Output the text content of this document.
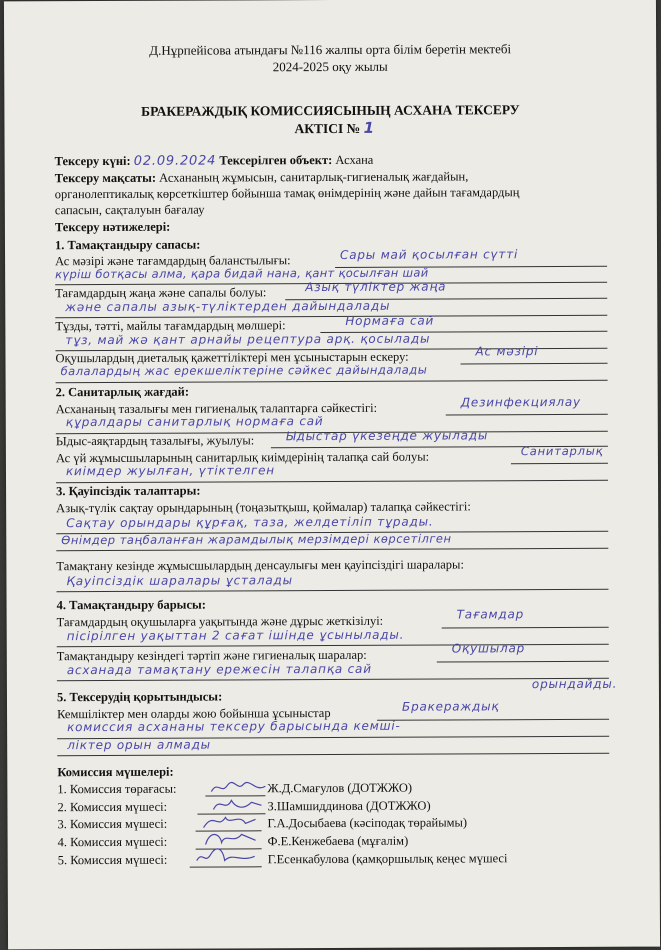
Д.Нұрпейісова атындағы №116 жалпы орта білім беретін мектебі
2024-2025 оқу жылы
БРАКЕРАЖДЫҚ КОМИССИЯСЫНЫҢ АСХАНА ТЕКСЕРУ
АКТІСІ № 1
Тексеру күні: 02.09.2024 Тексерілген объект: Асхана
Тексеру мақсаты: Асхананың жұмысын, санитарлық-гигиеналық жағдайын,
органолептикалық көрсеткіштер бойынша тамақ өнімдерінің және дайын тағамдардың
сапасын, сақталуын бағалау
Тексеру нәтижелері:
1. Тамақтандыру сапасы:
Ас мәзірі және тағамдардың баланстылығы:	Сары май қосылған сүтті
күріш ботқасы алма, қара бидай нана, қант қосылған шай
Тағамдардың жаңа және сапалы болуы:	Азық түліктер жаңа
және сапалы азық-түліктерден дайындалады
Тұзды, тәтті, майлы тағамдардың мөлшері:	Нормаға сай
тұз, май жә қант арнайы рецептура арқ. қосылады
Оқушылардың диеталық қажеттіліктері мен ұсыныстарын ескеру:	Ас мәзірі
балалардың жас ерекшеліктеріне сәйкес дайындалады
2. Санитарлық жағдай:
Асхананың тазалығы мен гигиеналық талаптарға сәйкестігі:	Дезинфекциялау
құралдары санитарлық нормаға сай
Ыдыс-аяқтардың тазалығы, жуылуы:	Ыдыстар үкезеңде жуылады
Ас үй жұмысшыларының санитарлық киімдерінің талапқа сай болуы:	Санитарлық
киімдер жуылған, үтіктелген
3. Қауіпсіздік талаптары:
Азық-түлік сақтау орындарының (тоңазытқыш, қоймалар) талапқа сәйкестігі:
Сақтау орындары құрғақ, таза, желдетіліп тұрады.
Өнімдер таңбаланған жарамдылық мерзімдері көрсетілген
Тамақтану кезінде жұмысшылардың денсаулығы мен қауіпсіздігі шаралары:
Қауіпсіздік шаралары ұсталады
4. Тамақтандыру барысы:
Тағамдардың оқушыларға уақытында және дұрыс жеткізілуі:	Тағамдар
пісірілген уақыттан 2 сағат ішінде ұсынылады.
Тамақтандыру кезіндегі тәртіп және гигиеналық шаралар:	Оқушылар
асханада тамақтану ережесін талапқа сай
орындайды.
5. Тексерудің қорытындысы:
Кемшіліктер мен оларды жою бойынша ұсыныстар	Бракераждық
комиссия асхананы тексеру барысында кемші-
ліктер орын алмады
Комиссия мүшелері:
1. Комиссия төрағасы:	Ж.Д.Смағулов (ДОТЖЖО)
2. Комиссия мүшесі:	З.Шамшиддинова (ДОТЖЖО)
3. Комиссия мүшесі:	Г.А.Досыбаева (кәсіподақ төрайымы)
4. Комиссия мүшесі:	Ф.Е.Кенжебаева (мұғалім)
5. Комиссия мүшесі:	Г.Есенкабулова (қамқоршылық кеңес мүшесі
